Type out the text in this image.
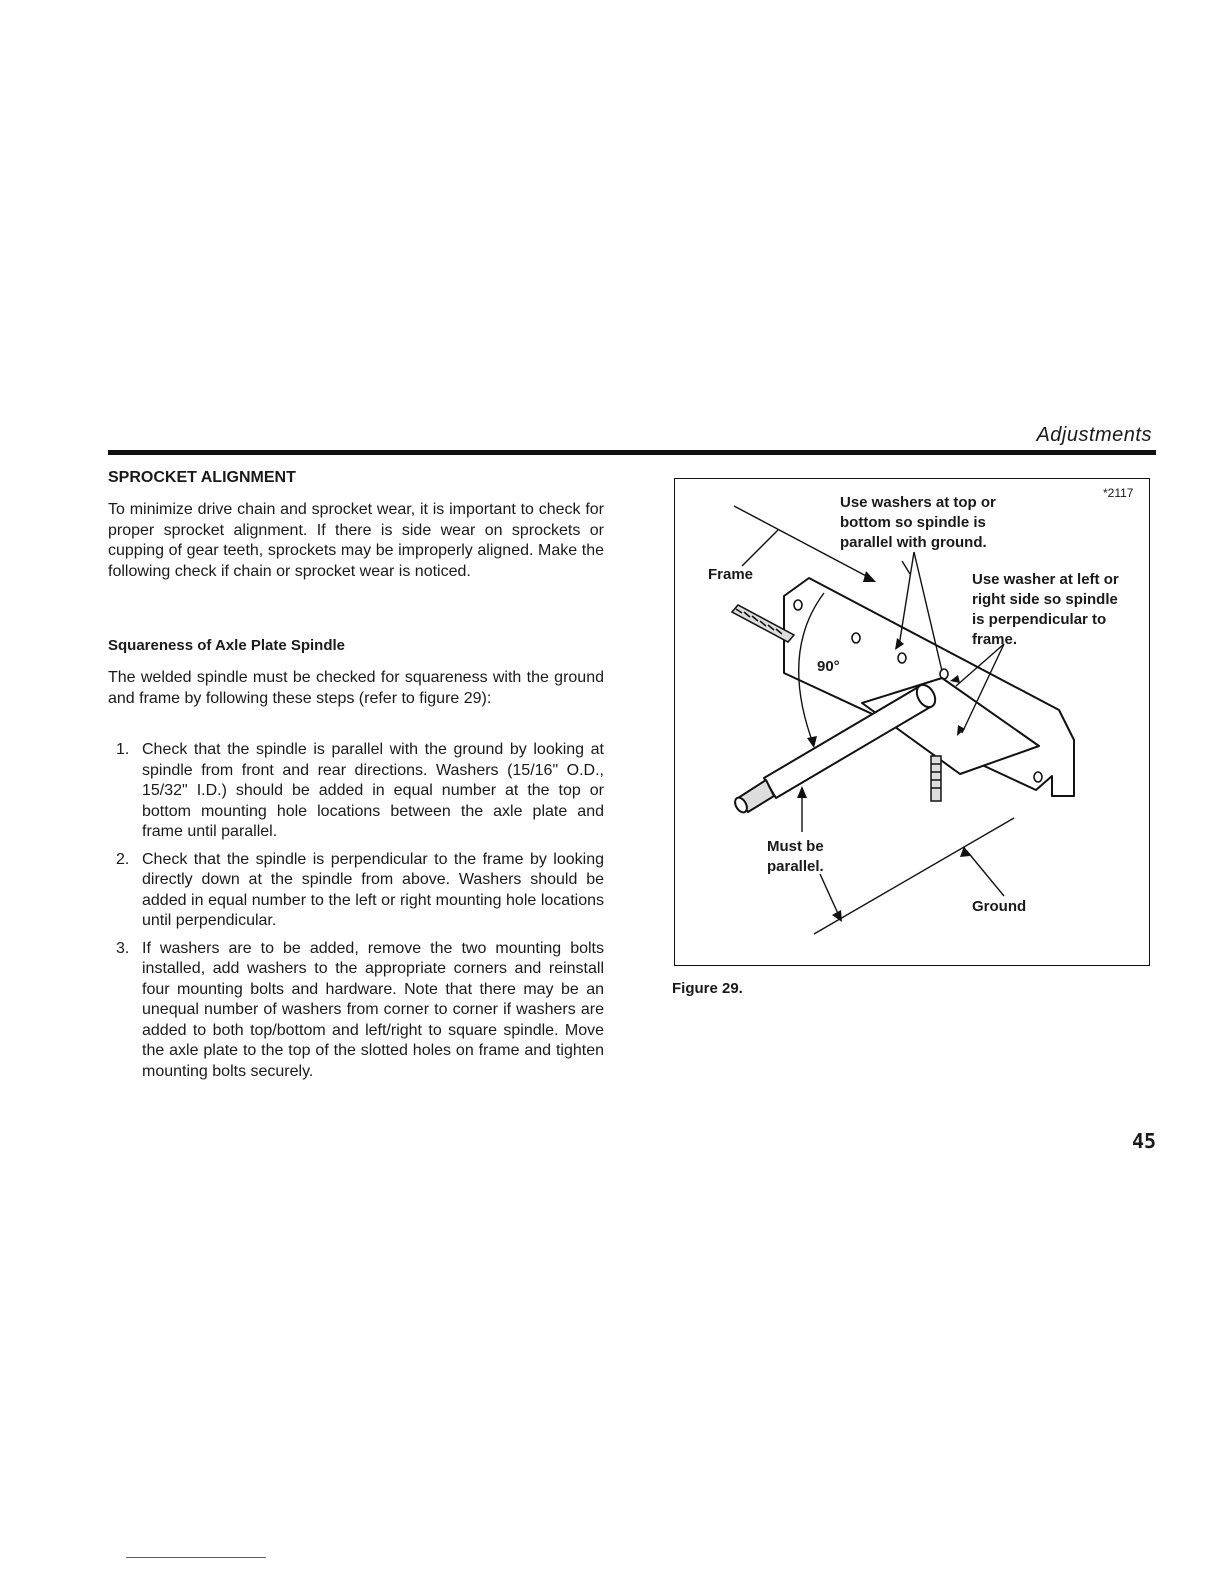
Adjustments
SPROCKET ALIGNMENT
To minimize drive chain and sprocket wear, it is important to check for proper sprocket alignment. If there is side wear on sprockets or cupping of gear teeth, sprockets may be improperly aligned. Make the following check if chain or sprocket wear is noticed.
Squareness of Axle Plate Spindle
The welded spindle must be checked for squareness with the ground and frame by following these steps (refer to figure 29):
1. Check that the spindle is parallel with the ground by looking at spindle from front and rear directions. Washers (15/16" O.D., 15/32" I.D.) should be added in equal number at the top or bottom mounting hole locations between the axle plate and frame until parallel.
2. Check that the spindle is perpendicular to the frame by looking directly down at the spindle from above. Washers should be added in equal number to the left or right mounting hole locations until perpendicular.
3. If washers are to be added, remove the two mounting bolts installed, add washers to the appropriate corners and reinstall four mounting bolts and hardware. Note that there may be an unequal number of washers from corner to corner if washers are added to both top/bottom and left/right to square spindle. Move the axle plate to the top of the slotted holes on frame and tighten mounting bolts securely.
*2117
Frame
Use washers at top or
bottom so spindle is
parallel with ground.
Use washer at left or
right side so spindle
is perpendicular to
frame.
90°
Must be
parallel.
Ground
Figure 29.
45
